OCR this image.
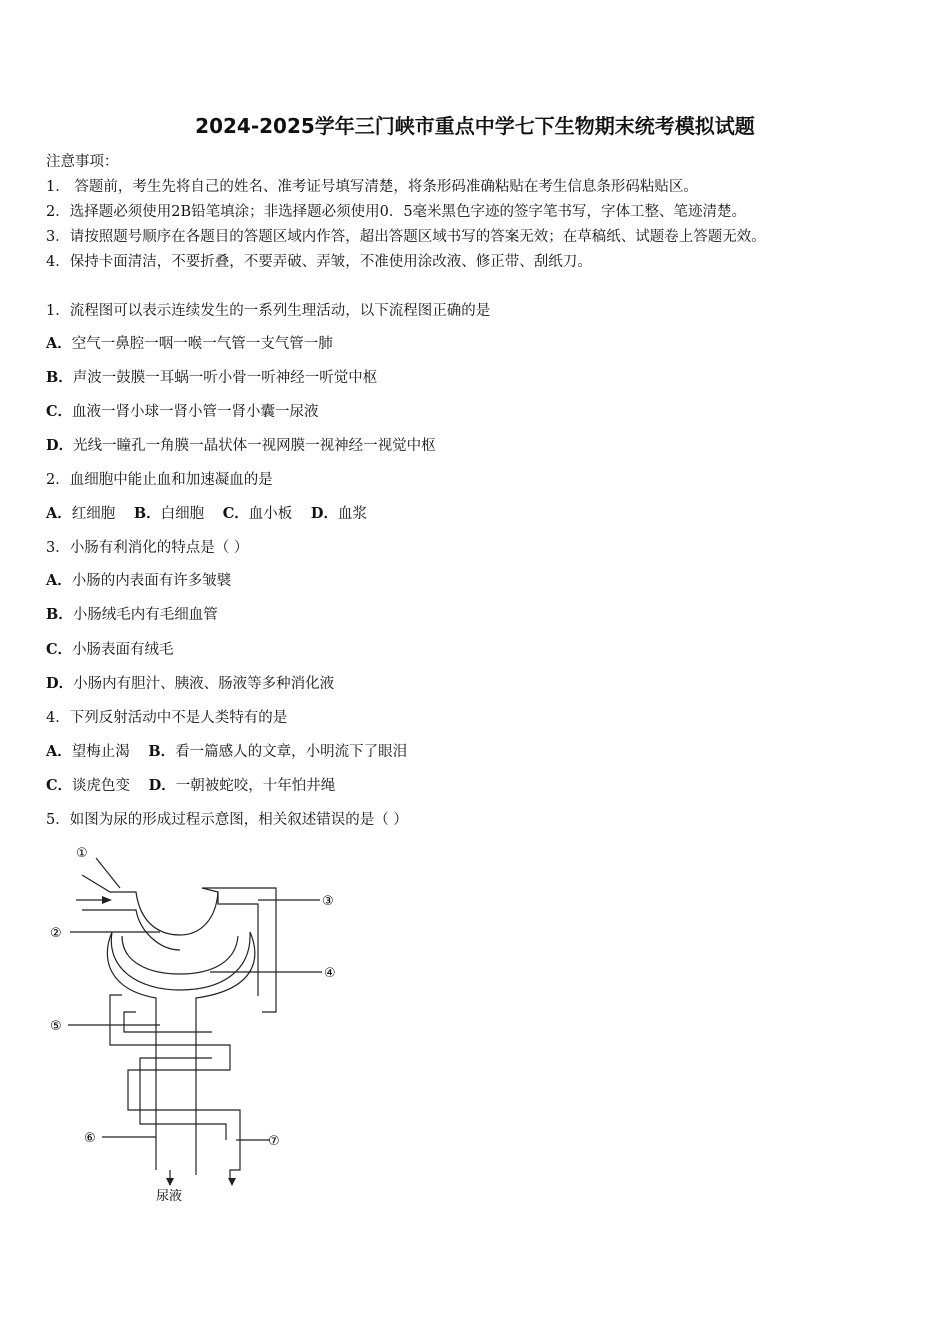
2024-2025学年三门峡市重点中学七下生物期末统考模拟试题
注意事项：
1． 答题前，考生先将自己的姓名、准考证号填写清楚，将条形码准确粘贴在考生信息条形码粘贴区。
2．选择题必须使用2B铅笔填涂；非选择题必须使用0．5毫米黑色字迹的签字笔书写，字体工整、笔迹清楚。
3．请按照题号顺序在各题目的答题区域内作答，超出答题区域书写的答案无效；在草稿纸、试题卷上答题无效。
4．保持卡面清洁，不要折叠，不要弄破、弄皱，不准使用涂改液、修正带、刮纸刀。
1．流程图可以表示连续发生的一系列生理活动，以下流程图正确的是
A．空气一鼻腔一咽一喉一气管一支气管一肺
B．声波一鼓膜一耳蜗一听小骨一听神经一听觉中枢
C．血液一肾小球一肾小管一肾小囊一尿液
D．光线一瞳孔一角膜一晶状体一视网膜一视神经一视觉中枢
2．血细胞中能止血和加速凝血的是
A．红细胞 B．白细胞 C．血小板 D．血浆
3．小肠有利消化的特点是（ ）
A．小肠的内表面有许多皱襞
B．小肠绒毛内有毛细血管
C．小肠表面有绒毛
D．小肠内有胆汁、胰液、肠液等多种消化液
4．下列反射活动中不是人类特有的是
A．望梅止渴 B．看一篇感人的文章，小明流下了眼泪
C．谈虎色变 D．一朝被蛇咬，十年怕井绳
5．如图为尿的形成过程示意图，相关叙述错误的是（ ）
①
②
③
④
⑤
⑥	⑦
尿液
